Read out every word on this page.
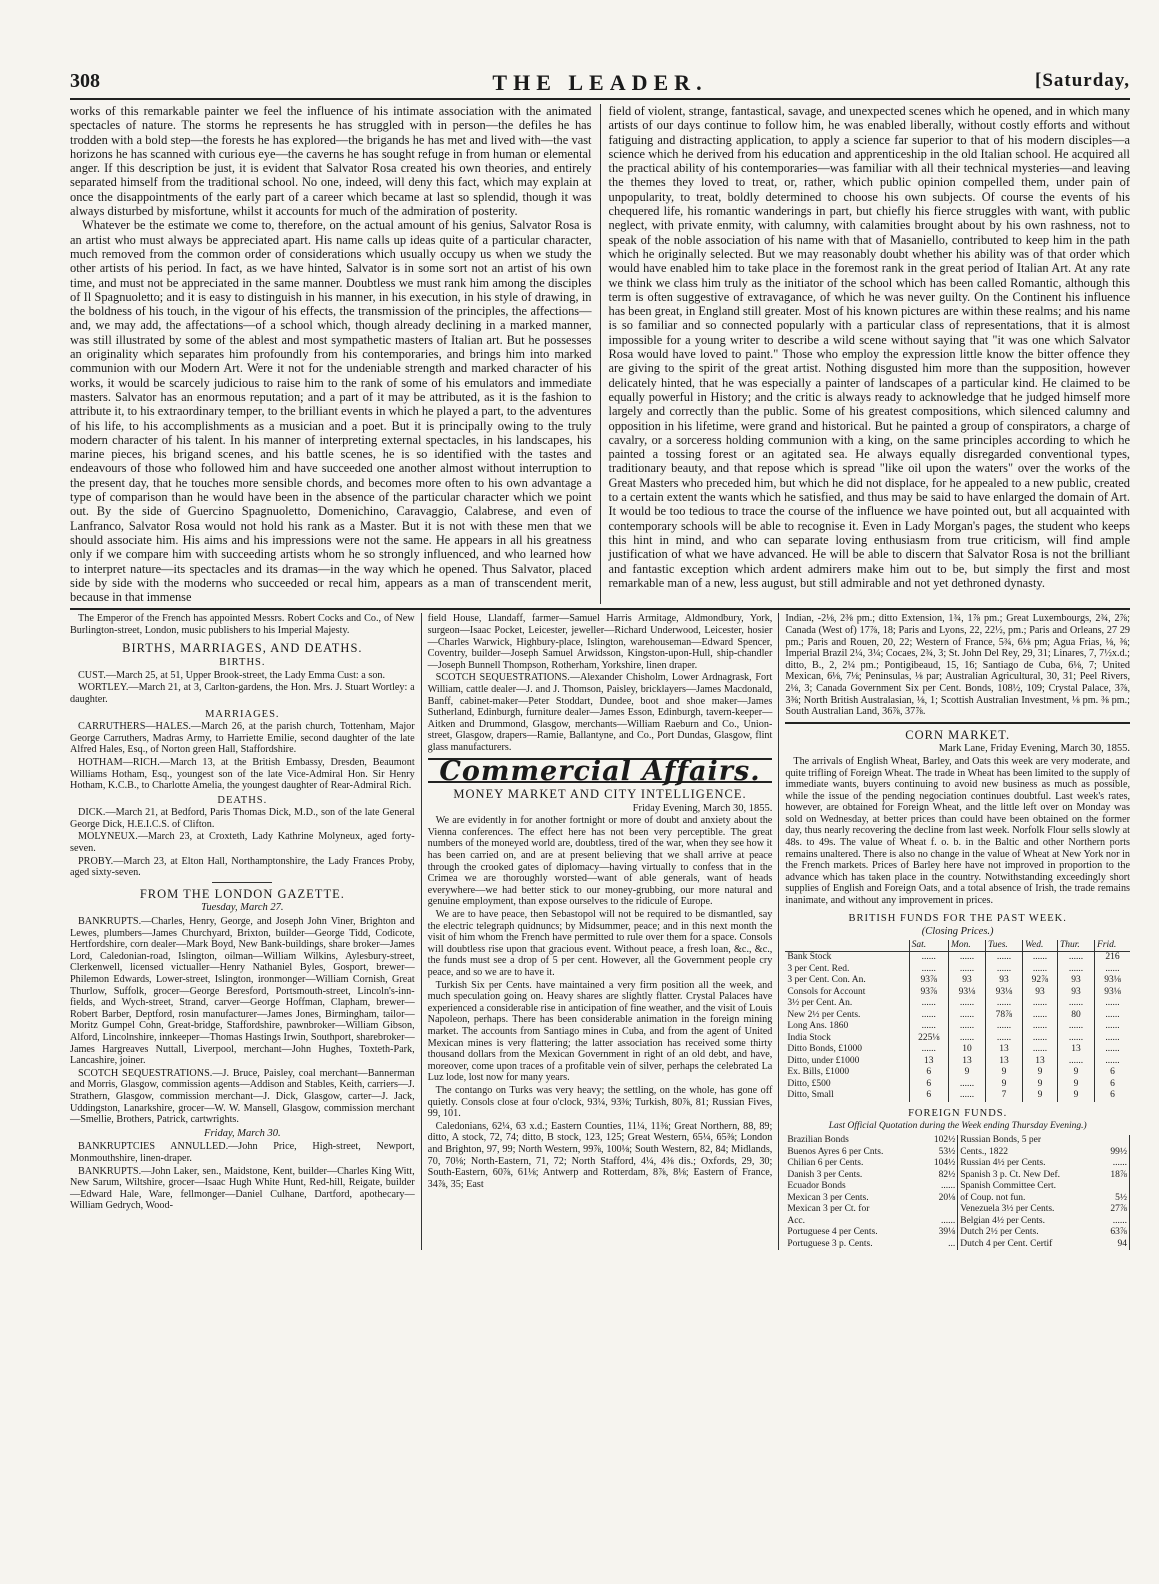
308	THE LEADER.	[Saturday,

works of this remarkable painter we feel the influence of his intimate association with the animated spectacles of nature. The storms he represents he has struggled with in person—the defiles he has trodden with a bold step—the forests he has explored—the brigands he has met and lived with—the vast horizons he has scanned with curious eye—the caverns he has sought refuge in from human or elemental anger. If this description be just, it is evident that Salvator Rosa created his own theories, and entirely separated himself from the traditional school. No one, indeed, will deny this fact, which may explain at once the disappointments of the early part of a career which became at last so splendid, though it was always disturbed by misfortune, whilst it accounts for much of the admiration of posterity.

Whatever be the estimate we come to, therefore, on the actual amount of his genius, Salvator Rosa is an artist who must always be appreciated apart. His name calls up ideas quite of a particular character, much removed from the common order of considerations which usually occupy us when we study the other artists of his period. In fact, as we have hinted, Salvator is in some sort not an artist of his own time, and must not be appreciated in the same manner. Doubtless we must rank him among the disciples of Il Spagnuoletto; and it is easy to distinguish in his manner, in his execution, in his style of drawing, in the boldness of his touch, in the vigour of his effects, the transmission of the principles, the affections—and, we may add, the affectations—of a school which, though already declining in a marked manner, was still illustrated by some of the ablest and most sympathetic masters of Italian art. But he possesses an originality which separates him profoundly from his contemporaries, and brings him into marked communion with our Modern Art. Were it not for the undeniable strength and marked character of his works, it would be scarcely judicious to raise him to the rank of some of his emulators and immediate masters. Salvator has an enormous reputation; and a part of it may be attributed, as it is the fashion to attribute it, to his extraordinary temper, to the brilliant events in which he played a part, to the adventures of his life, to his accomplishments as a musician and a poet. But it is principally owing to the truly modern character of his talent. In his manner of interpreting external spectacles, in his landscapes, his marine pieces, his brigand scenes, and his battle scenes, he is so identified with the tastes and endeavours of those who followed him and have succeeded one another almost without interruption to the present day, that he touches more sensible chords, and becomes more often to his own advantage a type of comparison than he would have been in the absence of the particular character which we point out. By the side of Guercino Spagnuoletto, Domenichino, Caravaggio, Calabrese, and even of Lanfranco, Salvator Rosa would not hold his rank as a Master. But it is not with these men that we should associate him. His aims and his impressions were not the same. He appears in all his greatness only if we compare him with succeeding artists whom he so strongly influenced, and who learned how to interpret nature—its spectacles and its dramas—in the way which he opened. Thus Salvator, placed side by side with the moderns who succeeded or recal him, appears as a man of transcendent merit, because in that immense

field of violent, strange, fantastical, savage, and unexpected scenes which he opened, and in which many artists of our days continue to follow him, he was enabled liberally, without costly efforts and without fatiguing and distracting application, to apply a science far superior to that of his modern disciples—a science which he derived from his education and apprenticeship in the old Italian school. He acquired all the practical ability of his contemporaries—was familiar with all their technical mysteries—and leaving the themes they loved to treat, or, rather, which public opinion compelled them, under pain of unpopularity, to treat, boldly determined to choose his own subjects. Of course the events of his chequered life, his romantic wanderings in part, but chiefly his fierce struggles with want, with public neglect, with private enmity, with calumny, with calamities brought about by his own rashness, not to speak of the noble association of his name with that of Masaniello, contributed to keep him in the path which he originally selected. But we may reasonably doubt whether his ability was of that order which would have enabled him to take place in the foremost rank in the great period of Italian Art. At any rate we think we class him truly as the initiator of the school which has been called Romantic, although this term is often suggestive of extravagance, of which he was never guilty. On the Continent his influence has been great, in England still greater. Most of his known pictures are within these realms; and his name is so familiar and so connected popularly with a particular class of representations, that it is almost impossible for a young writer to describe a wild scene without saying that "it was one which Salvator Rosa would have loved to paint." Those who employ the expression little know the bitter offence they are giving to the spirit of the great artist. Nothing disgusted him more than the supposition, however delicately hinted, that he was especially a painter of landscapes of a particular kind. He claimed to be equally powerful in History; and the critic is always ready to acknowledge that he judged himself more largely and correctly than the public. Some of his greatest compositions, which silenced calumny and opposition in his lifetime, were grand and historical. But he painted a group of conspirators, a charge of cavalry, or a sorceress holding communion with a king, on the same principles according to which he painted a tossing forest or an agitated sea. He always equally disregarded conventional types, traditionary beauty, and that repose which is spread "like oil upon the waters" over the works of the Great Masters who preceded him, but which he did not displace, for he appealed to a new public, created to a certain extent the wants which he satisfied, and thus may be said to have enlarged the domain of Art. It would be too tedious to trace the course of the influence we have pointed out, but all acquainted with contemporary schools will be able to recognise it. Even in Lady Morgan's pages, the student who keeps this hint in mind, and who can separate loving enthusiasm from true criticism, will find ample justification of what we have advanced. He will be able to discern that Salvator Rosa is not the brilliant and fantastic exception which ardent admirers make him out to be, but simply the first and most remarkable man of a new, less august, but still admirable and not yet dethroned dynasty.

The Emperor of the French has appointed Messrs. Robert Cocks and Co., of New Burlington-street, London, music publishers to his Imperial Majesty.

BIRTHS, MARRIAGES, AND DEATHS.
BIRTHS.

CUST.—March 25, at 51, Upper Brook-street, the Lady Emma Cust: a son.

WORTLEY.—March 21, at 3, Carlton-gardens, the Hon. Mrs. J. Stuart Wortley: a daughter.

MARRIAGES.

CARRUTHERS—HALES.—March 26, at the parish church, Tottenham, Major George Carruthers, Madras Army, to Harriette Emilie, second daughter of the late Alfred Hales, Esq., of Norton green Hall, Staffordshire.

HOTHAM—RICH.—March 13, at the British Embassy, Dresden, Beaumont Williams Hotham, Esq., youngest son of the late Vice-Admiral Hon. Sir Henry Hotham, K.C.B., to Charlotte Amelia, the youngest daughter of Rear-Admiral Rich.

DEATHS.

DICK.—March 21, at Bedford, Paris Thomas Dick, M.D., son of the late General George Dick, H.E.I.C.S. of Clifton.

MOLYNEUX.—March 23, at Croxteth, Lady Kathrine Molyneux, aged forty-seven.

PROBY.—March 23, at Elton Hall, Northamptonshire, the Lady Frances Proby, aged sixty-seven.

FROM THE LONDON GAZETTE.
Tuesday, March 27.

BANKRUPTS.—Charles, Henry, George, and Joseph John Viner, Brighton and Lewes, plumbers—James Churchyard, Brixton, builder—George Tidd, Codicote, Hertfordshire, corn dealer—Mark Boyd, New Bank-buildings, share broker—James Lord, Caledonian-road, Islington, oilman—William Wilkins, Aylesbury-street, Clerkenwell, licensed victualler—Henry Nathaniel Byles, Gosport, brewer—Philemon Edwards, Lower-street, Islington, ironmonger—William Cornish, Great Thurlow, Suffolk, grocer—George Beresford, Portsmouth-street, Lincoln's-inn-fields, and Wych-street, Strand, carver—George Hoffman, Clapham, brewer—Robert Barber, Deptford, rosin manufacturer—James Jones, Birmingham, tailor—Moritz Gumpel Cohn, Great-bridge, Staffordshire, pawnbroker—William Gibson, Alford, Lincolnshire, innkeeper—Thomas Hastings Irwin, Southport, sharebroker—James Hargreaves Nuttall, Liverpool, merchant—John Hughes, Toxteth-Park, Lancashire, joiner.

SCOTCH SEQUESTRATIONS.—J. Bruce, Paisley, coal merchant—Bannerman and Morris, Glasgow, commission agents—Addison and Stables, Keith, carriers—J. Strathern, Glasgow, commission merchant—J. Dick, Glasgow, carter—J. Jack, Uddingston, Lanarkshire, grocer—W. W. Mansell, Glasgow, commission merchant—Smellie, Brothers, Patrick, cartwrights.

Friday, March 30.

BANKRUPTCIES ANNULLED.—John Price, High-street, Newport, Monmouthshire, linen-draper.

BANKRUPTS.—John Laker, sen., Maidstone, Kent, builder—Charles King Witt, New Sarum, Wiltshire, grocer—Isaac Hugh White Hunt, Red-hill, Reigate, builder—Edward Hale, Ware, fellmonger—Daniel Culhane, Dartford, apothecary—William Gedrych, Wood-

field House, Llandaff, farmer—Samuel Harris Armitage, Aldmondbury, York, surgeon—Isaac Pocket, Leicester, jeweller—Richard Underwood, Leicester, hosier—Charles Warwick, Highbury-place, Islington, warehouseman—Edward Spencer, Coventry, builder—Joseph Samuel Arwidsson, Kingston-upon-Hull, ship-chandler—Joseph Bunnell Thompson, Rotherham, Yorkshire, linen draper.

SCOTCH SEQUESTRATIONS.—Alexander Chisholm, Lower Ardnagrask, Fort William, cattle dealer—J. and J. Thomson, Paisley, bricklayers—James Macdonald, Banff, cabinet-maker—Peter Stoddart, Dundee, boot and shoe maker—James Sutherland, Edinburgh, furniture dealer—James Esson, Edinburgh, tavern-keeper—Aitken and Drummond, Glasgow, merchants—William Raeburn and Co., Union-street, Glasgow, drapers—Ramie, Ballantyne, and Co., Port Dundas, Glasgow, flint glass manufacturers.

Commercial Affairs.
MONEY MARKET AND CITY INTELLIGENCE.
Friday Evening, March 30, 1855.

We are evidently in for another fortnight or more of doubt and anxiety about the Vienna conferences. The effect here has not been very perceptible. The great numbers of the moneyed world are, doubtless, tired of the war, when they see how it has been carried on, and are at present believing that we shall arrive at peace through the crooked gates of diplomacy—having virtually to confess that in the Crimea we are thoroughly worsted—want of able generals, want of heads everywhere—we had better stick to our money-grubbing, our more natural and genuine employment, than expose ourselves to the ridicule of Europe.

We are to have peace, then Sebastopol will not be required to be dismantled, say the electric telegraph quidnuncs; by Midsummer, peace; and in this next month the visit of him whom the French have permitted to rule over them for a space. Consols will doubtless rise upon that gracious event. Without peace, a fresh loan, &c., &c., the funds must see a drop of 5 per cent. However, all the Government people cry peace, and so we are to have it.

Turkish Six per Cents. have maintained a very firm position all the week, and much speculation going on. Heavy shares are slightly flatter. Crystal Palaces have experienced a considerable rise in anticipation of fine weather, and the visit of Louis Napoleon, perhaps. There has been considerable animation in the foreign mining market. The accounts from Santiago mines in Cuba, and from the agent of United Mexican mines is very flattering; the latter association has received some thirty thousand dollars from the Mexican Government in right of an old debt, and have, moreover, come upon traces of a profitable vein of silver, perhaps the celebrated La Luz lode, lost now for many years.

The contango on Turks was very heavy; the settling, on the whole, has gone off quietly. Consols close at four o'clock, 93¼, 93⅜; Turkish, 80⅞, 81; Russian Fives, 99, 101.

Caledonians, 62¼, 63 x.d.; Eastern Counties, 11¼, 11⅜; Great Northern, 88, 89; ditto, A stock, 72, 74; ditto, B stock, 123, 125; Great Western, 65¼, 65⅜; London and Brighton, 97, 99; North Western, 99⅞, 100⅛; South Western, 82, 84; Midlands, 70, 70⅛; North-Eastern, 71, 72; North Stafford, 4¼, 4⅜ dis.; Oxfords, 29, 30; South-Eastern, 60⅞, 61⅛; Antwerp and Rotterdam, 8⅞, 8⅛; Eastern of France, 34⅞, 35; East

Indian, -2⅛, 2⅜ pm.; ditto Extension, 1¾, 1⅞ pm.; Great Luxembourgs, 2¾, 2⅞; Canada (West of) 17⅞, 18; Paris and Lyons, 22, 22½, pm.; Paris and Orleans, 27 29 pm.; Paris and Rouen, 20, 22; Western of France, 5¾, 6⅛ pm; Agua Frias, ⅛, ⅜; Imperial Brazil 2¼, 3¼; Cocaes, 2¾, 3; St. John Del Rey, 29, 31; Linares, 7, 7½x.d.; ditto, B., 2, 2¼ pm.; Pontigibeaud, 15, 16; Santiago de Cuba, 6⅛, 7; United Mexican, 6⅛, 7⅛; Peninsulas, ⅛ par; Australian Agricultural, 30, 31; Peel Rivers, 2⅛, 3; Canada Government Six per Cent. Bonds, 108½, 109; Crystal Palace, 3⅞, 3⅜; North British Australasian, ⅛, 1; Scottish Australian Investment, ⅛ pm. ⅜ pm.; South Australian Land, 36⅞, 37⅞.

CORN MARKET.
Mark Lane, Friday Evening, March 30, 1855.

The arrivals of English Wheat, Barley, and Oats this week are very moderate, and quite trifling of Foreign Wheat. The trade in Wheat has been limited to the supply of immediate wants, buyers continuing to avoid new business as much as possible, while the issue of the pending negociation continues doubtful. Last week's rates, however, are obtained for Foreign Wheat, and the little left over on Monday was sold on Wednesday, at better prices than could have been obtained on the former day, thus nearly recovering the decline from last week. Norfolk Flour sells slowly at 48s. to 49s. The value of Wheat f. o. b. in the Baltic and other Northern ports remains unaltered. There is also no change in the value of Wheat at New York nor in the French markets. Prices of Barley here have not improved in proportion to the advance which has taken place in the country. Notwithstanding exceedingly short supplies of English and Foreign Oats, and a total absence of Irish, the trade remains inanimate, and without any improvement in prices.

BRITISH FUNDS FOR THE PAST WEEK.
(Closing Prices.)
	Sat.	Mon.	Tues.	Wed.	Thur.	Frid.
Bank Stock	......	......	......	......	......	216
3 per Cent. Red.	......	......	......	......	......	......
3 per Cent. Con. An.	93⅞	93	93	92⅞	93	93⅛
Consols for Account	93⅞	93⅛	93⅛	93	93	93⅛
3½ per Cent. An.	......	......	......	......	......	......
New 2½ per Cents.	......	......	78⅞	......	80	......
Long Ans. 1860	......	......	......	......	......	......
India Stock	225⅛	......	......	......	......	......
Ditto Bonds, £1000	......	10	13	......	13	......
Ditto, under £1000	13	13	13	13	......	......
Ex. Bills, £1000	6	9	9	9	9	6
Ditto, £500	6	......	9	9	9	6
Ditto, Small	6	......	7	9	9	6
FOREIGN FUNDS.
Last Official Quotation during the Week ending Thursday Evening.)
Brazilian Bonds	102½	Russian Bonds, 5 per	
Buenos Ayres 6 per Cnts.	53½	Cents., 1822	99½
Chilian 6 per Cents.	104½	Russian 4½ per Cents.	......
Danish 3 per Cents.	82½	Spanish 3 p. Ct. New Def.	18⅞
Ecuador Bonds	......	Spanish Committee Cert.	
Mexican 3 per Cents.	20⅛	of Coup. not fun.	5½
Mexican 3 per Ct. for		Venezuela 3½ per Cents.	27⅞
Acc.	......	Belgian 4½ per Cents.	......
Portuguese 4 per Cents.	39⅛	Dutch 2½ per Cents.	63⅞
Portuguese 3 p. Cents.	...	Dutch 4 per Cent. Certif	94
